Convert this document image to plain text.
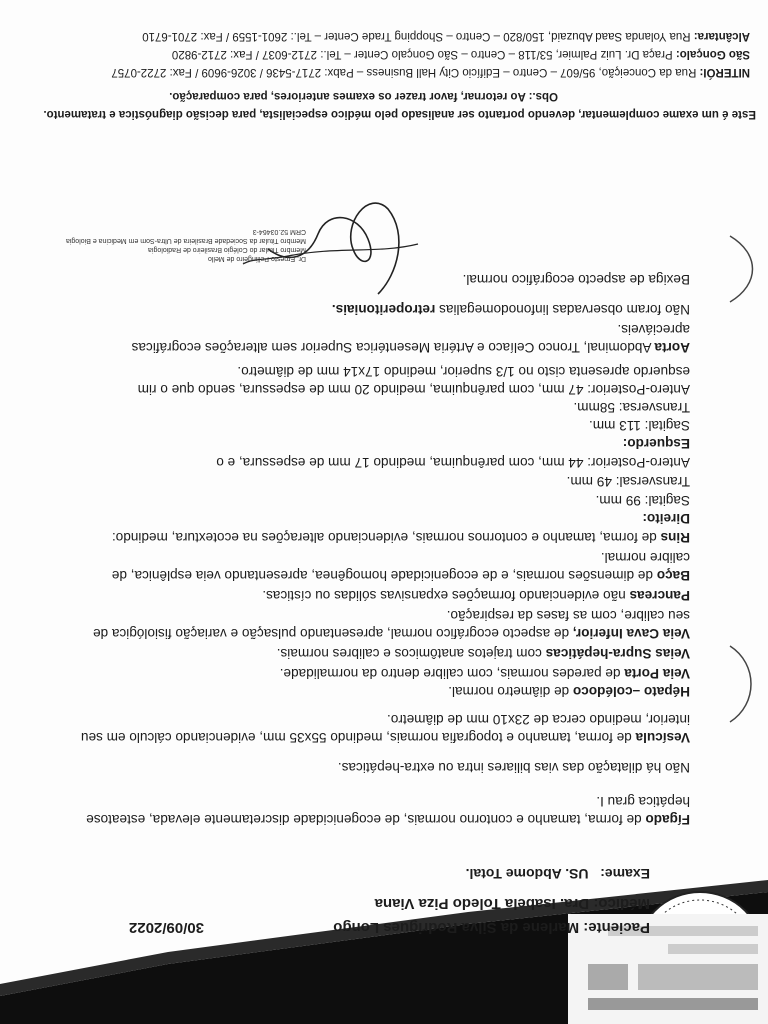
Paciente: Marlene da Silva Rodrigues Longo
30/09/2022
Médico: Dra. Isabela Toledo Piza Viana
Exame:   US. Abdome Total.
Fígado de forma, tamanho e contorno normais, de ecogenicidade discretamente elevada, esteatose
hepática grau I.
Não há dilatação das vias biliares intra ou extra-hepáticas.
Vesícula de forma, tamanho e topografia normais, medindo 55x35 mm, evidenciando cálculo em seu
interior, medindo cerca de 23x10 mm de diâmetro.
Hépato –colédoco de diâmetro normal.
Veia Porta de paredes normais, com calibre dentro da normalidade.
Veias Supra-hepáticas com trajetos anatômicos e calibres normais.
Veia Cava Inferior, de aspecto ecográfico normal, apresentando pulsação e variação fisiológica de
seu calibre, com as fases da respiração.
Pancreas não evidenciando formações expansivas sólidas ou císticas.
Baço de dimensões normais, e de ecogenicidade homogênea, apresentando veia esplênica, de
calibre normal.
Rins de forma, tamanho e contornos normais, evidenciando alterações na ecotextura, medindo:
Direito:
Sagital: 99 mm.
Transversal: 49 mm.
Antero-Posterior: 44 mm, com parênquima, medindo 17 mm de espessura, e o
Esquerdo:
Sagital: 113 mm.
Transversa: 58mm.
Antero-Posterior: 47 mm, com parênquima, medindo 20 mm de espessura, sendo que o rim
esquerdo apresenta cisto no 1/3 superior, medindo 17x14 mm de diâmetro.
Aorta Abdominal, Tronco Celíaco e Artéria Mesentérica Superior sem alterações ecográficas
apreciáveis.
Não foram observadas linfonodomegalias retroperitoniais.
Bexiga de aspecto ecográfico normal.
Dr. Ernesto Pellingeiro de Mello
Membro Titular do Colégio Brasileiro de Radiologia
Membro Titular da Sociedade Brasileira de Ultra-Som em Medicina e Biologia
CRM 52.03464-3
Este é um exame complementar, devendo portanto ser analisado pelo médico especialista, para decisão diagnóstica e tratamento.
Obs.: Ao retornar, favor trazer os exames anteriores, para comparação.
NITERÓI: Rua da Conceição, 95/607 – Centro – Edifício City Hall Business – Pabx: 2717-5436 / 3026-9609 / Fax: 2722-0757
São Gonçalo: Praça Dr. Luiz Palmier, 53/118 – Centro – São Gonçalo Center – Tel.: 2712-6037 / Fax: 2712-9820
Alcântara: Rua Yolanda Saad Abuzaid, 150/820 – Centro – Shopping Trade Center – Tel.: 2601-1559 / Fax: 2701-6710
